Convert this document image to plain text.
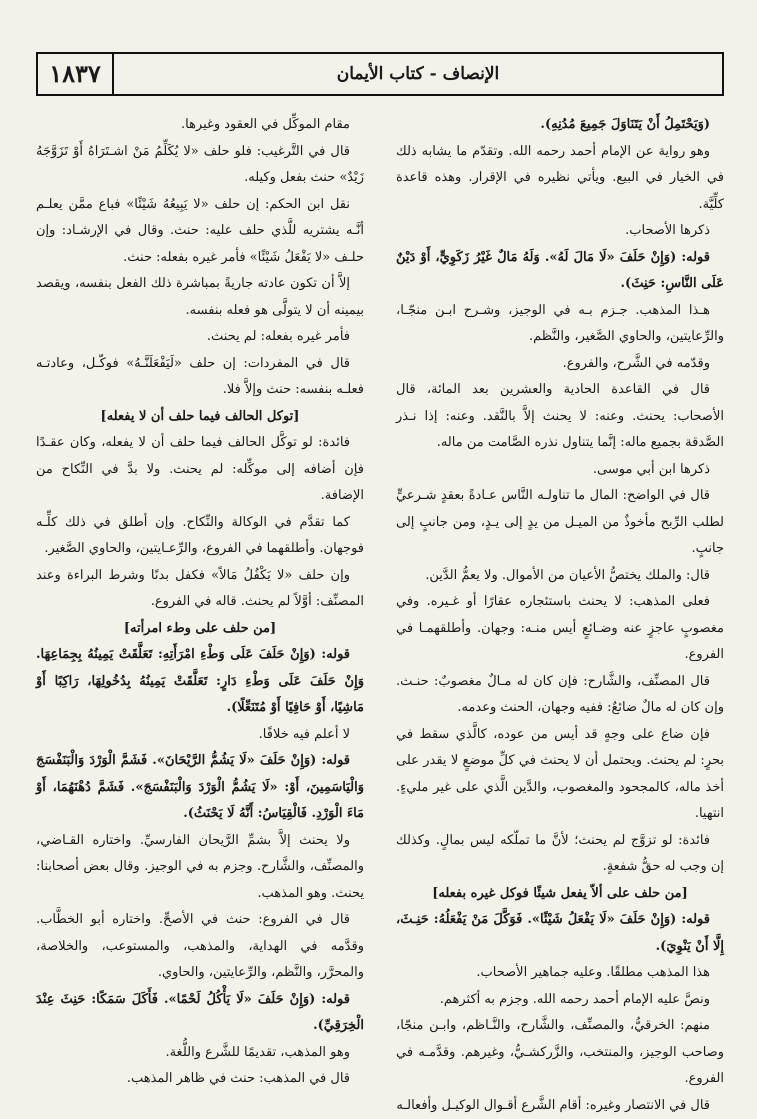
١٨٣٧	الإنصاف - كتاب الأيمان

مقام الموكِّل في العقود وغيرها.

قال في التَّرغيب: فلو حلف «لا يُكَلِّمُ مَنْ اشـتَرَاهُ أَوْ تَزَوَّجَهُ زَيْدٌ» حنث بفعل وكيله.

نقل ابن الحكم: إن حلف «لا يَبِيعُهُ شَيْئًا» فباع ممَّن يعلـم أنَّـه يشتريه للَّذي حلف عليه: حنث. وقال في الإرشـاد: وإن حلـف «لا يَفْعَلُ شَيْئًا» فأمر غيره بفعله: حنث.

إلاَّ أن تكون عادته جاريةً بمباشرة ذلك الفعل بنفسه، ويقصد بيمينه أن لا يتولَّى هو فعله بنفسه.

فأمر غيره بفعله: لم يحنث.

قال في المفردات: إن حلف «لَيَفْعَلَنَّـهُ» فوكّـل، وعادتـه فعلـه بنفسه: حنث وإلاَّ فلا.

[توكل الحالف فيما حلف أن لا يفعله]

فائدة: لو توكَّل الحالف فيما حلف أن لا يفعله، وكان عقـدًا فإن أضافه إلى موكِّله: لم يحنث. ولا بدَّ في النِّكاح من الإضافة.

كما تقدَّم في الوكالة والنِّكاح. وإن أطلق في ذلك كلِّـه فوجهان. وأطلقهما في الفروع، والرِّعـايتين، والحاوي الصَّغير.

وإن حلف «لا يَكْفُلُ مَالاً» فكفل بدنًا وشرط البراءة وعند المصنِّف: أوَّلاً لم يحنث. قاله في الفروع.

[من حلف على وطء امرأته]

قوله: (وَإِنْ حَلَفَ عَلَى وَطْءِ امْرَأَتِهِ: تَعَلَّقَتْ يَمِينُهُ بِجِمَاعِهَا. وَإِنْ حَلَفَ عَلَى وَطْءِ دَارٍ: تَعَلَّقَتْ يَمِينُهُ بِدُخُولِهَا، رَاكِبًا أَوْ مَاشِيًا، أَوْ حَافِيًا أَوْ مُتَنَعِّلًا).

لا أعلم فيه خلافًا.

قوله: (وَإِنْ حَلَفَ «لَا يَشُمُّ الرَّيْحَانَ». فَشَمَّ الْوَرْدَ وَالْبَنَفْسَجَ وَالْيَاسَمِينَ، أَوْ: «لَا يَشُمُّ الْوَرْدَ وَالْبَنَفْسَجَ». فَشَمَّ دُهْنَهُمَا، أَوْ مَاءَ الْوَرْدِ. فَالْقِيَاسُ: أَنَّهُ لَا يَحْنَثُ).

ولا يحنث إلاَّ بشمِّ الرَّيحان الفارسيِّ. واختاره القـاضي، والمصنِّف، والشَّارح. وجزم به في الوجيز. وقال بعض أصحابنا: يحنث. وهو المذهب.

قال في الفروع: حنث في الأصحِّ. واختاره أبو الخطَّاب. وقدَّمه في الهداية، والمذهب، والمستوعب، والخلاصة، والمحرَّر، والنَّظم، والرِّعايتين، والحاوي.

قوله: (وَإِنْ حَلَفَ «لَا يَأْكُلُ لَحْمًا». فَأَكَلَ سَمَكًا: حَنِثَ عِنْدَ الْخِرَقِيِّ).

وهو المذهب، تقديمًا للشَّرع واللُّغة.

قال في المذهب: حنث في ظاهر المذهب.

(وَيَحْتَمِلُ أَنْ يَتَنَاوَلَ جَمِيعَ مُدُنِهِ).

وهو رواية عن الإمام أحمد رحمه الله. وتقدّم ما يشابه ذلك في الخيار في البيع. ويأتي نظيره في الإقرار. وهذه قاعدة كلِّيَّة.

ذكرها الأصحاب.

قوله: (وَإِنْ حَلَفَ «لَا مَالَ لَهُ». وَلَهُ مَالٌ غَيْرُ زَكَوِيٍّ، أَوْ دَيْنٌ عَلَى النَّاسِ: حَنِثَ).

هـذا المذهب. جـزم بـه في الوجيز، وشـرح ابـن منجّـا، والرِّعايتين، والحاوي الصَّغير، والنَّظم.

وقدّمه في الشَّرح، والفروع.

قال في القاعدة الحادية والعشرين بعد المائة، قال الأصحاب: يحنث. وعنه: لا يحنث إلاَّ بالنَّقد. وعنه: إذا نـذر الصَّدقة بجميع ماله: إنَّما يتناول نذره الصَّامت من ماله.

ذكرها ابن أبي موسى.

قال في الواضح: المال ما تناولـه النَّاس عـادةً بعقدٍ شـرعيٍّ لطلب الرِّبح مأخوذٌ من الميـل من يدٍ إلى يـدٍ، ومن جانبٍ إلى جانبٍ.

قال: والملك يختصُّ الأعيان من الأموال. ولا يعمُّ الدَّين.

فعلى المذهب: لا يحنث باستئجاره عقارًا أو غـيره. وفي مغصوبٍ عاجزٍ عنه وضـائعٍ أيس منـه: وجهان. وأطلقهمـا في الفروع.

قال المصنِّف، والشَّارح: فإن كان له مـالٌ مغصوبٌ: حنـث. وإن كان له مالٌ ضائعٌ: ففيه وجهان، الحنث وعدمه.

فإن ضاع على وجهٍ قد أيس من عوده، كالَّذي سقط في بحرٍ: لم يحنث. ويحتمل أن لا يحنث في كلِّ موضعٍ لا يقدر على أخذ ماله، كالمجحود والمغصوب، والدَّين الَّذي على غير مليءٍ. انتهيا.

فائدة: لو تزوَّج لم يحنث؛ لأنَّ ما تملّكه ليس بمالٍ. وكذلك إن وجب له حقُّ شفعةٍ.

[من حلف على ألاّ يفعل شيئًا فوكل غيره بفعله]

قوله: (وَإِنْ حَلَفَ «لَا يَفْعَلُ شَيْئًا». فَوَكَّلَ مَنْ يَفْعَلُهُ: حَنِـثَ، إِلَّا أَنْ يَنْوِيَ).

هذا المذهب مطلقًا. وعليه جماهير الأصحاب.

ونصَّ عليه الإمام أحمد رحمه الله. وجزم به أكثرهم.

منهم: الخرقيُّ، والمصنِّف، والشَّارح، والنَّـاظم، وابـن منجّا، وصاحب الوجيز، والمنتخب، والزَّركشـيُّ، وغيرهم. وقدَّمـه في الفروع.

قال في الانتصار وغيره: أقام الشَّرع أقـوال الوكيـل وأفعالـه
